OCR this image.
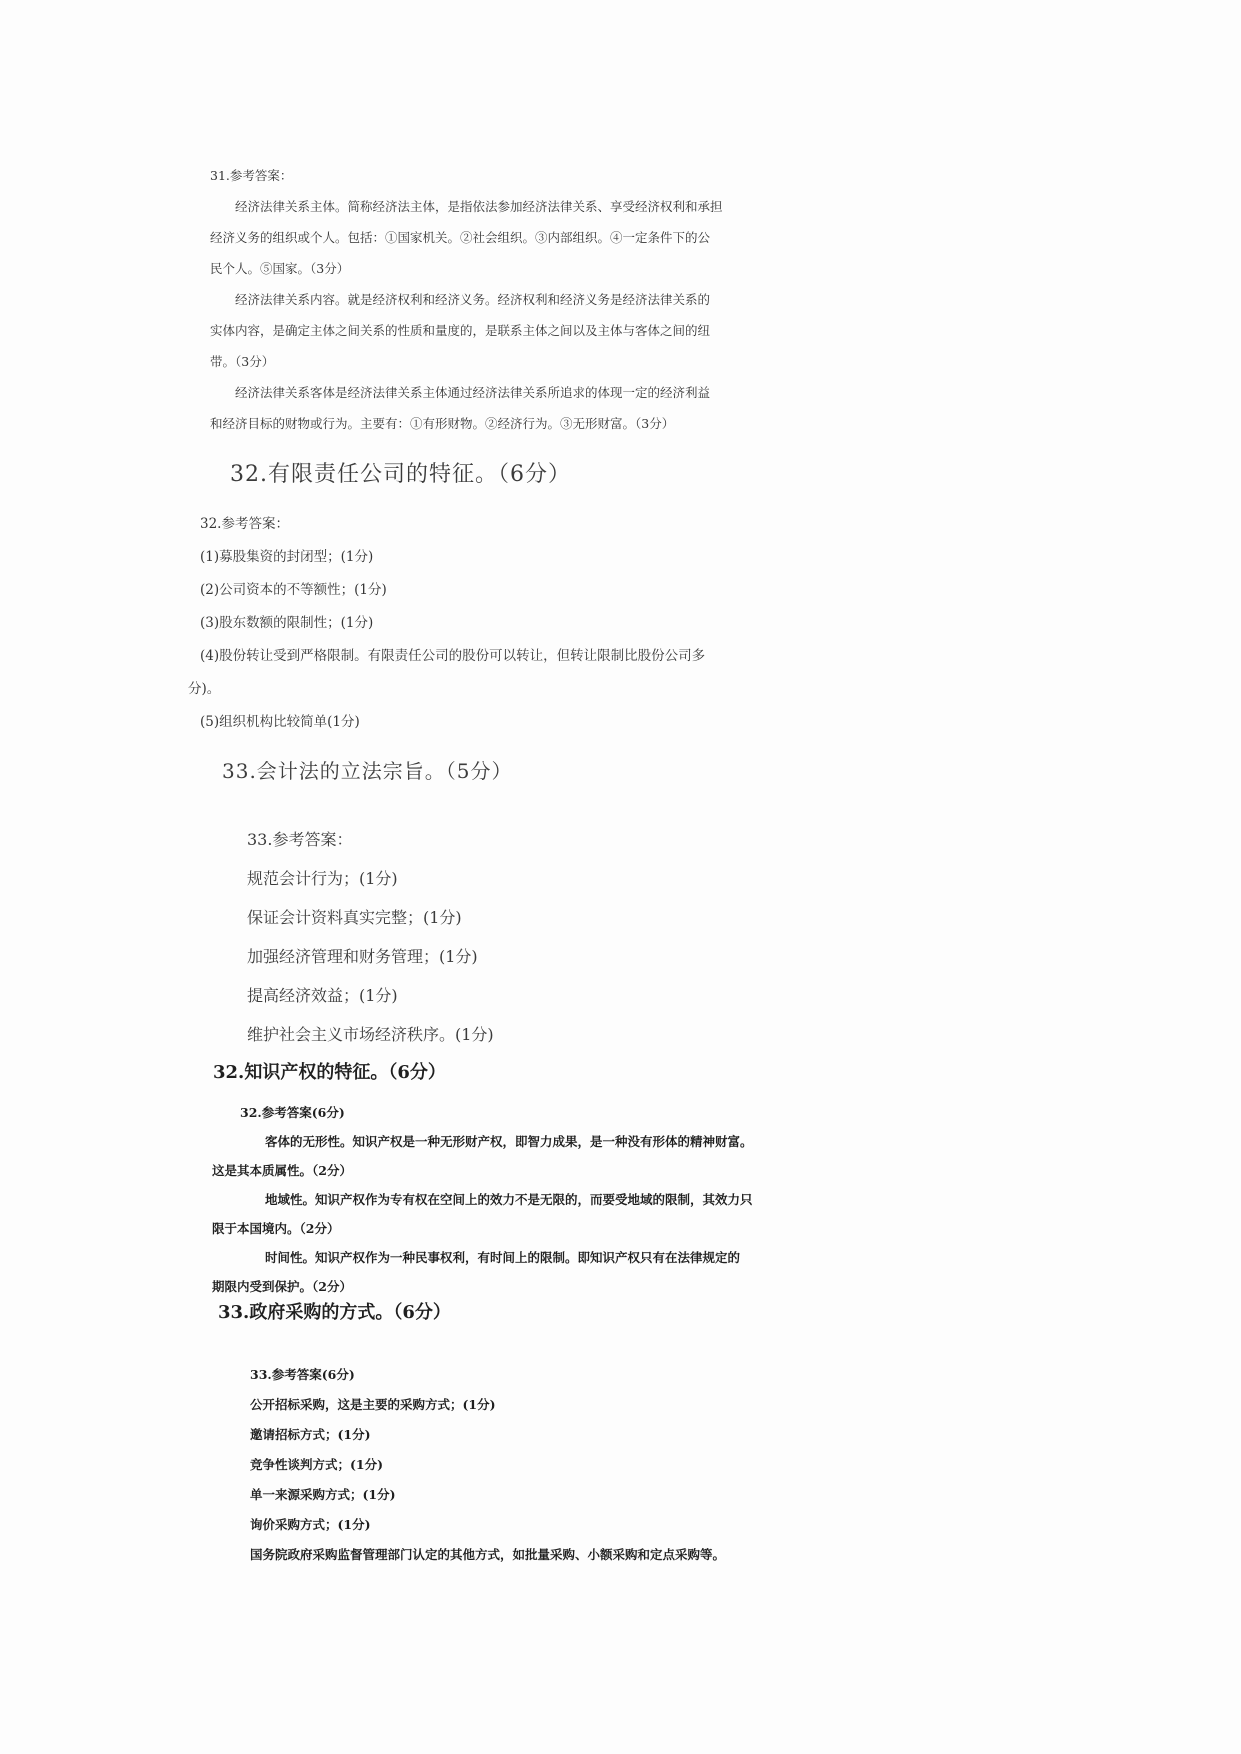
31.参考答案：
经济法律关系主体。简称经济法主体，是指依法参加经济法律关系、享受经济权利和承担
经济义务的组织或个人。包括：①国家机关。②社会组织。③内部组织。④一定条件下的公
民个人。⑤国家。（3分）
经济法律关系内容。就是经济权利和经济义务。经济权利和经济义务是经济法律关系的
实体内容，是确定主体之间关系的性质和量度的，是联系主体之间以及主体与客体之间的纽
带。（3分）
经济法律关系客体是经济法律关系主体通过经济法律关系所追求的体现一定的经济利益
和经济目标的财物或行为。主要有：①有形财物。②经济行为。③无形财富。（3分）
32.有限责任公司的特征。（6分）
32.参考答案：
(1)募股集资的封闭型；(1分)
(2)公司资本的不等额性；(1分)
(3)股东数额的限制性；(1分)
(4)股份转让受到严格限制。有限责任公司的股份可以转让，但转让限制比股份公司多
分)。
(5)组织机构比较简单(1分)
33.会计法的立法宗旨。（5分）
33.参考答案：
规范会计行为；(1分)
保证会计资料真实完整；(1分)
加强经济管理和财务管理；(1分)
提高经济效益；(1分)
维护社会主义市场经济秩序。(1分)
32.知识产权的特征。（6分）
32.参考答案(6分)
客体的无形性。知识产权是一种无形财产权，即智力成果，是一种没有形体的精神财富。
这是其本质属性。（2分）
地域性。知识产权作为专有权在空间上的效力不是无限的，而要受地域的限制，其效力只
限于本国境内。（2分）
时间性。知识产权作为一种民事权利，有时间上的限制。即知识产权只有在法律规定的
期限内受到保护。（2分）
33.政府采购的方式。（6分）
33.参考答案(6分)
公开招标采购，这是主要的采购方式；(1分)
邀请招标方式；(1分)
竞争性谈判方式；(1分)
单一来源采购方式；(1分)
询价采购方式；(1分)
国务院政府采购监督管理部门认定的其他方式，如批量采购、小额采购和定点采购等。
